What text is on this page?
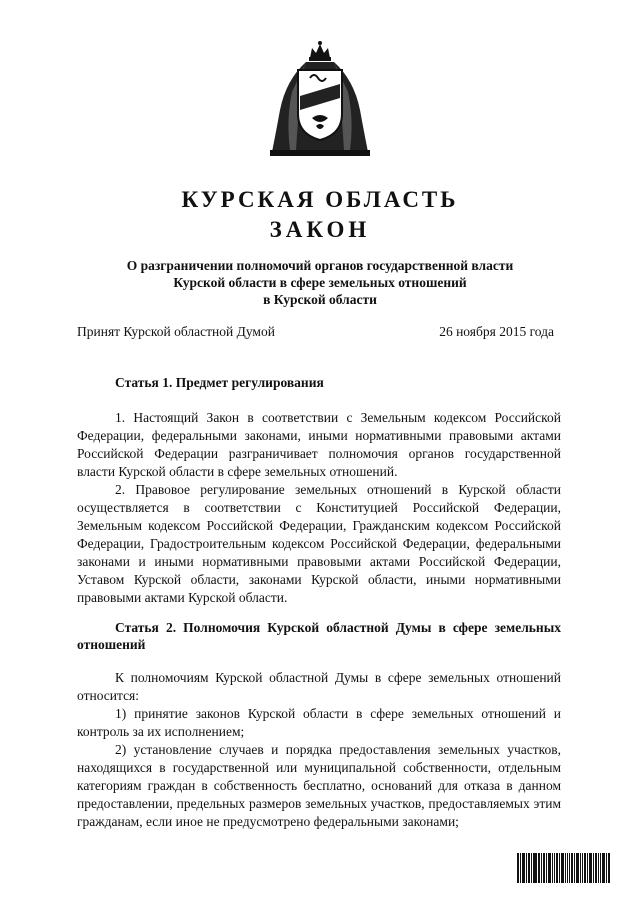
КУРСКАЯ ОБЛАСТЬ
ЗАКОН
О разграничении полномочий органов государственной власти
Курской области в сфере земельных отношений
в Курской области
Принят Курской областной Думой	26 ноября 2015 года

Статья 1. Предмет регулирования

1. Настоящий Закон в соответствии с Земельным кодексом Российской Федерации, федеральными законами, иными нормативными правовыми актами Российской Федерации разграничивает полномочия органов государственной власти Курской области в сфере земельных отношений.

2. Правовое регулирование земельных отношений в Курской области осуществляется в соответствии с Конституцией Российской Федерации, Земельным кодексом Российской Федерации, Гражданским кодексом Российской Федерации, Градостроительным кодексом Российской Федерации, федеральными законами и иными нормативными правовыми актами Российской Федерации, Уставом Курской области, законами Курской области, иными нормативными правовыми актами Курской области.

Статья 2. Полномочия Курской областной Думы в сфере земельных отношений

К полномочиям Курской областной Думы в сфере земельных отношений относится:

1) принятие законов Курской области в сфере земельных отношений и контроль за их исполнением;

2) установление случаев и порядка предоставления земельных участков, находящихся в государственной или муниципальной собственности, отдельным категориям граждан в собственность бесплатно, оснований для отказа в данном предоставлении, предельных размеров земельных участков, предоставляемых этим гражданам, если иное не предусмотрено федеральными законами;
